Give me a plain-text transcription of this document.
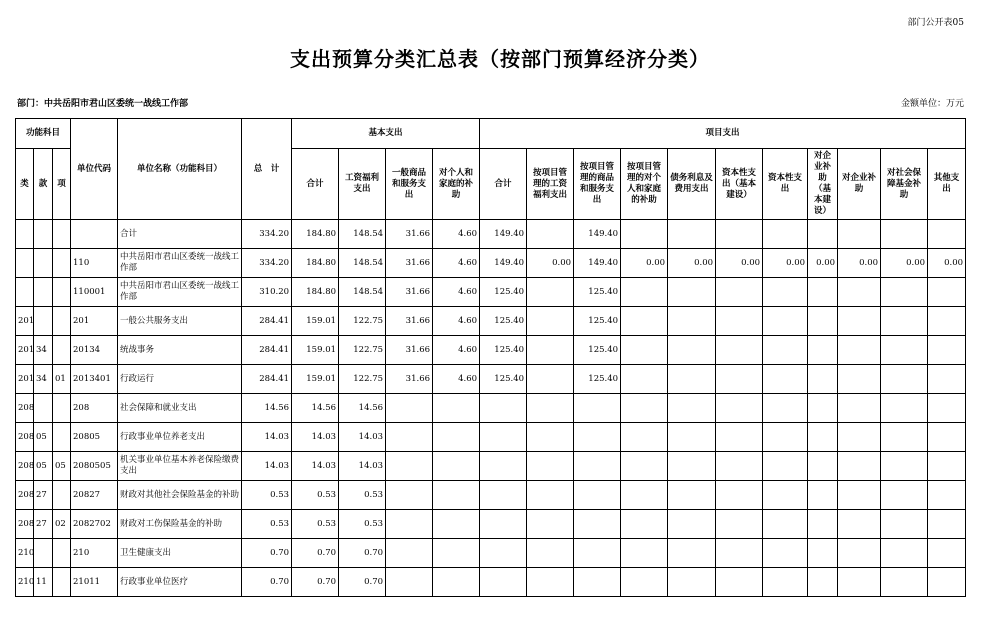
部门公开表05
支出预算分类汇总表（按部门预算经济分类）
部门：中共岳阳市君山区委统一战线工作部	金额单位：万元
功能科目			单位代码	单位名称（功能科目）	总　计	基本支出				项目支出										
类	款	项				合计	工资福利支出	一般商品和服务支出	对个人和家庭的补助	合计	按项目管理的工资福利支出	按项目管理的商品和服务支出	按项目管理的对个人和家庭的补助	债务利息及费用支出	资本性支出（基本建设）	资本性支出	对企业补助（基本建设）	对企业补助	对社会保障基金补助	其他支出
				合计	334.20	184.80	148.54	31.66	4.60	149.40		149.40								
			110	中共岳阳市君山区委统一战线工作部	334.20	184.80	148.54	31.66	4.60	149.40	0.00	149.40	0.00	0.00	0.00	0.00	0.00	0.00	0.00	0.00
			110001	中共岳阳市君山区委统一战线工作部	310.20	184.80	148.54	31.66	4.60	125.40		125.40								
201			201	一般公共服务支出	284.41	159.01	122.75	31.66	4.60	125.40		125.40								
201	34		20134	统战事务	284.41	159.01	122.75	31.66	4.60	125.40		125.40								
201	34	01	2013401	行政运行	284.41	159.01	122.75	31.66	4.60	125.40		125.40								
208			208	社会保障和就业支出	14.56	14.56	14.56													
208	05		20805	行政事业单位养老支出	14.03	14.03	14.03													
208	05	05	2080505	机关事业单位基本养老保险缴费支出	14.03	14.03	14.03													
208	27		20827	财政对其他社会保险基金的补助	0.53	0.53	0.53													
208	27	02	2082702	财政对工伤保险基金的补助	0.53	0.53	0.53													
210			210	卫生健康支出	0.70	0.70	0.70													
210	11		21011	行政事业单位医疗	0.70	0.70	0.70													
